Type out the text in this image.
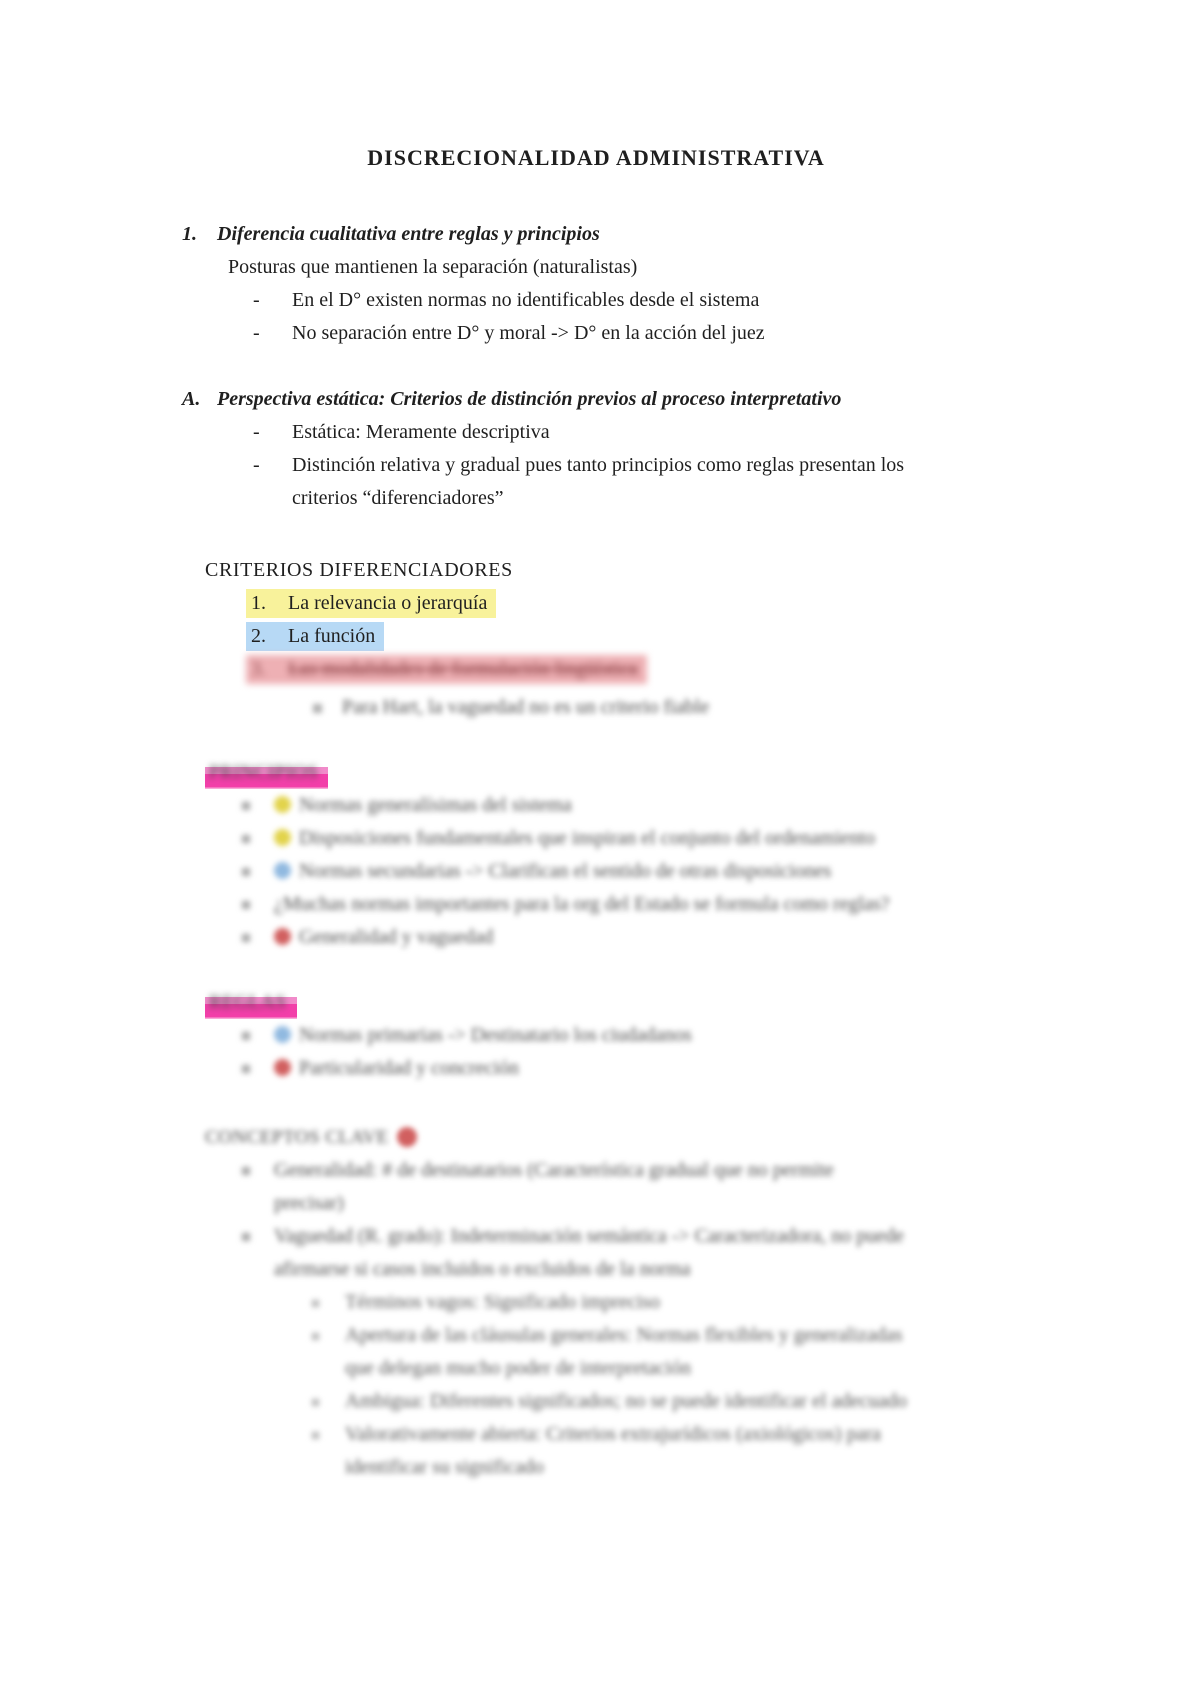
DISCRECIONALIDAD ADMINISTRATIVA
1. Diferencia cualitativa entre reglas y principios
Posturas que mantienen la separación (naturalistas)
- En el D° existen normas no identificables desde el sistema
- No separación entre D° y moral -> D° en la acción del juez
A. Perspectiva estática: Criterios de distinción previos al proceso interpretativo
- Estática: Meramente descriptiva
- Distinción relativa y gradual pues tanto principios como reglas presentan los
criterios “diferenciadores”
CRITERIOS DIFERENCIADORES
1. La relevancia o jerarquía
2. La función
3. Las modalidades de formulación lingüística
Para Hart, la vaguedad no es un criterio fiable
PRINCIPIOS
Normas generalísimas del sistema
Disposiciones fundamentales que inspiran el conjunto del ordenamiento
Normas secundarias -> Clarifican el sentido de otras disposiciones
¿Muchas normas importantes para la org del Estado se formula como reglas?
Generalidad y vaguedad
REGLAS
Normas primarias -> Destinatario los ciudadanos
Particularidad y concreción
CONCEPTOS CLAVE
Generalidad: # de destinatarios (Característica gradual que no permite
precisar)
Vaguedad (R. grado): Indeterminación semántica -> Caracterizadora, no puede
afirmarse si casos incluidos o excluidos de la norma
Términos vagos: Significado impreciso
Apertura de las cláusulas generales: Normas flexibles y generalizadas
que delegan mucho poder de interpretación
Ambigua: Diferentes significados; no se puede identificar el adecuado
Valorativamente abierta: Criterios extrajurídicos (axiológicos) para
identificar su significado
